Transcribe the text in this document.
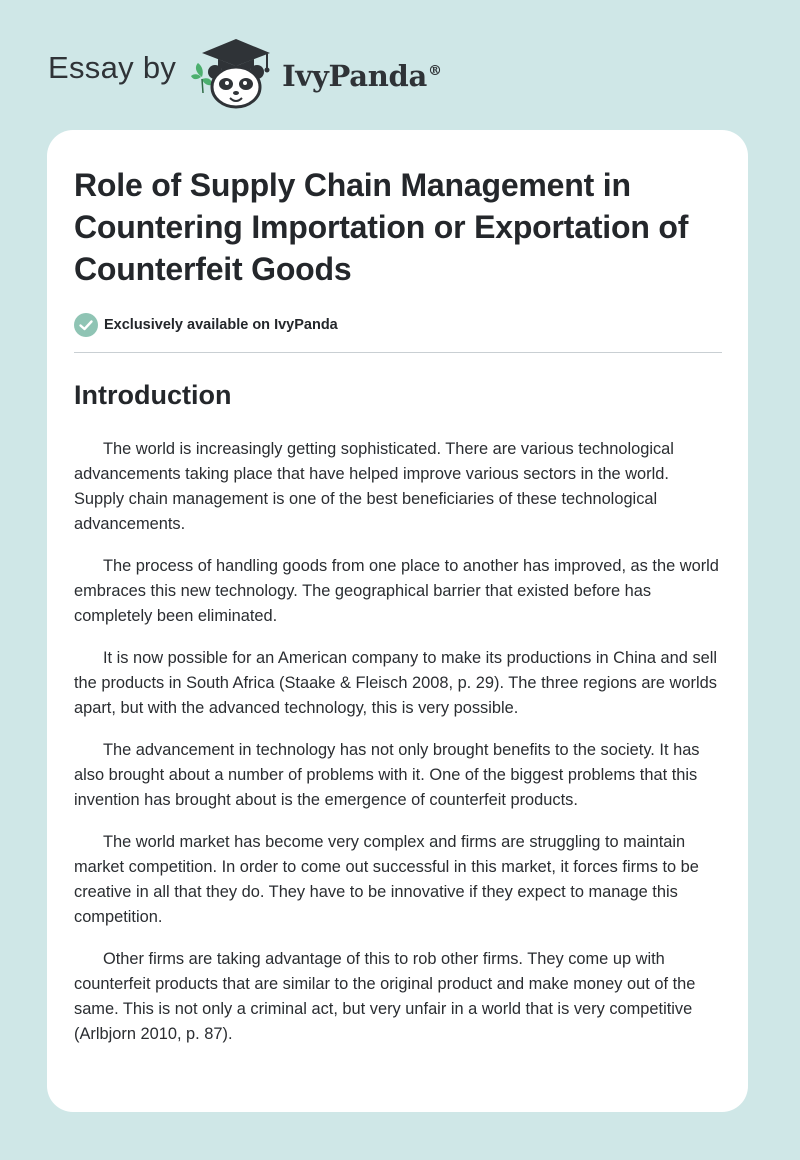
Essay by	IvyPanda®
Role of Supply Chain Management in Countering Importation or Exportation of Counterfeit Goods
Exclusively available on IvyPanda
Introduction

The world is increasingly getting sophisticated. There are various technological advancements taking place that have helped improve various sectors in the world. Supply chain management is one of the best beneficiaries of these technological advancements.

The process of handling goods from one place to another has improved, as the world embraces this new technology. The geographical barrier that existed before has completely been eliminated.

It is now possible for an American company to make its productions in China and sell the products in South Africa (Staake & Fleisch 2008, p. 29). The three regions are worlds apart, but with the advanced technology, this is very possible.

The advancement in technology has not only brought benefits to the society. It has also brought about a number of problems with it. One of the biggest problems that this invention has brought about is the emergence of counterfeit products.

The world market has become very complex and firms are struggling to maintain market competition. In order to come out successful in this market, it forces firms to be creative in all that they do. They have to be innovative if they expect to manage this competition.

Other firms are taking advantage of this to rob other firms. They come up with counterfeit products that are similar to the original product and make money out of the same. This is not only a criminal act, but very unfair in a world that is very competitive (Arlbjorn 2010, p. 87).
